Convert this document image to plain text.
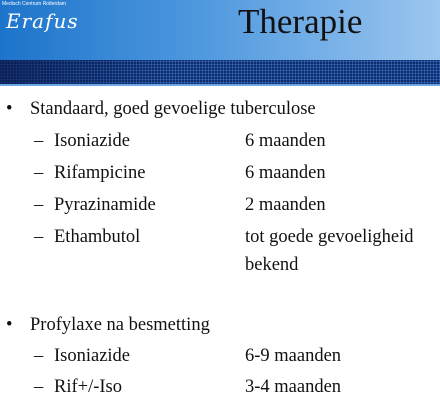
Medisch Centrum Rotterdam
Erafus	Therapie
• Standaard, goed gevoelige tuberculose
– Isoniazide	6 maanden
– Rifampicine	6 maanden
– Pyrazinamide	2 maanden
– Ethambutol	tot goede gevoeligheid
bekend
• Profylaxe na besmetting
– Isoniazide	6-9 maanden
– Rif+/-Iso	3-4 maanden
